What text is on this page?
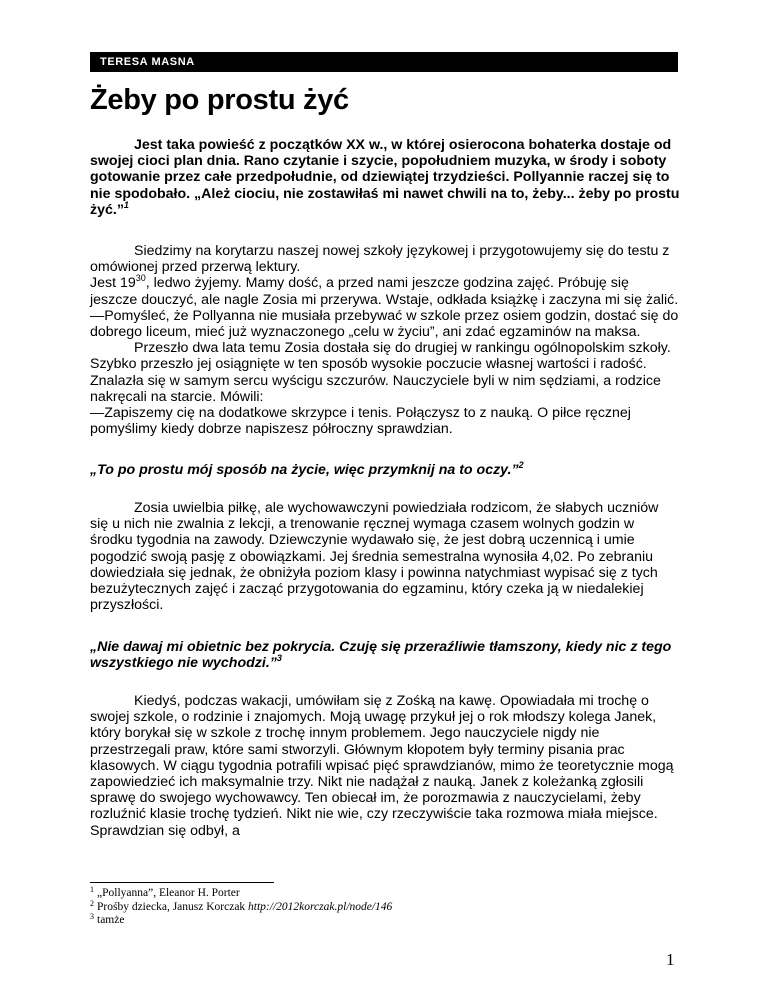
TERESA MASNA
Żeby po prostu żyć

Jest taka powieść z początków XX w., w której osierocona bohaterka dostaje od swojej cioci plan dnia. Rano czytanie i szycie, popołudniem muzyka, w środy i soboty gotowanie przez całe przedpołudnie, od dziewiątej trzydzieści. Pollyannie raczej się to nie spodobało. „Ależ ciociu, nie zostawiłaś mi nawet chwili na to, żeby... żeby po prostu żyć.”$^1$

Siedzimy na korytarzu naszej nowej szkoły językowej i przygotowujemy się do testu z omówionej przed przerwą lektury.

Jest $19^{30}$, ledwo żyjemy. Mamy dość, a przed nami jeszcze godzina zajęć. Próbuję się jeszcze douczyć, ale nagle Zosia mi przerywa. Wstaje, odkłada książkę i zaczyna mi się żalić.

—Pomyśleć, że Pollyanna nie musiała przebywać w szkole przez osiem godzin, dostać się do dobrego liceum, mieć już wyznaczonego „celu w życiu”, ani zdać egzaminów na maksa.

Przeszło dwa lata temu Zosia dostała się do drugiej w rankingu ogólnopolskim szkoły. Szybko przeszło jej osiągnięte w ten sposób wysokie poczucie własnej wartości i radość. Znalazła się w samym sercu wyścigu szczurów. Nauczyciele byli w nim sędziami, a rodzice nakręcali na starcie. Mówili:

—Zapiszemy cię na dodatkowe skrzypce i tenis. Połączysz to z nauką. O piłce ręcznej pomyślimy kiedy dobrze napiszesz półroczny sprawdzian.

„To po prostu mój sposób na życie, więc przymknij na to oczy.”$^2$

Zosia uwielbia piłkę, ale wychowawczyni powiedziała rodzicom, że słabych uczniów się u nich nie zwalnia z lekcji, a trenowanie ręcznej wymaga czasem wolnych godzin w środku tygodnia na zawody. Dziewczynie wydawało się, że jest dobrą uczennicą i umie pogodzić swoją pasję z obowiązkami. Jej średnia semestralna wynosiła 4,02. Po zebraniu dowiedziała się jednak, że obniżyła poziom klasy i powinna natychmiast wypisać się z tych bezużytecznych zajęć i zacząć przygotowania do egzaminu, który czeka ją w niedalekiej przyszłości.

„Nie dawaj mi obietnic bez pokrycia. Czuję się przeraźliwie tłamszony, kiedy nic z tego wszystkiego nie wychodzi.”$^3$

Kiedyś, podczas wakacji, umówiłam się z Zośką na kawę. Opowiadała mi trochę o swojej szkole, o rodzinie i znajomych. Moją uwagę przykuł jej o rok młodszy kolega Janek, który borykał się w szkole z trochę innym problemem. Jego nauczyciele nigdy nie przestrzegali praw, które sami stworzyli. Głównym kłopotem były terminy pisania prac klasowych. W ciągu tygodnia potrafili wpisać pięć sprawdzianów, mimo że teoretycznie mogą zapowiedzieć ich maksymalnie trzy. Nikt nie nadążał z nauką. Janek z koleżanką zgłosili sprawę do swojego wychowawcy. Ten obiecał im, że porozmawia z nauczycielami, żeby rozluźnić klasie trochę tydzień. Nikt nie wie, czy rzeczywiście taka rozmowa miała miejsce. Sprawdzian się odbył, a

$^1$ „Pollyanna”, Eleanor H. Porter

$^2$ Prośby dziecka, Janusz Korczak http://2012korczak.pl/node/146

$^3$ tamże

1
